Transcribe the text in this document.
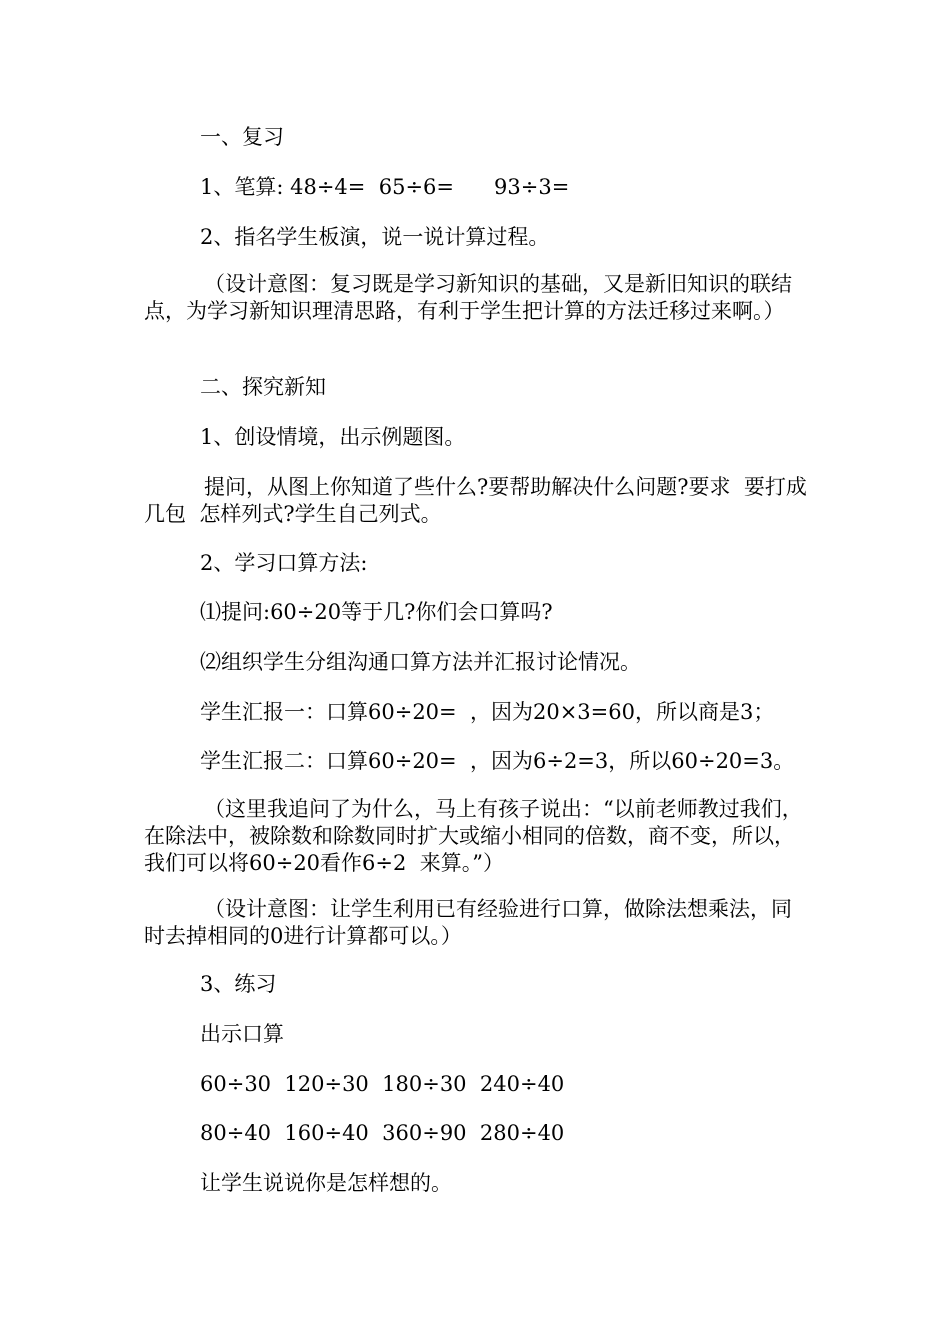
一、复习

1、笔算: 48÷4=  65÷6=      93÷3=

2、指名学生板演，说一说计算过程。

（设计意图：复习既是学习新知识的基础，又是新旧知识的联结点，为学习新知识理清思路，有利于学生把计算的方法迁移过来啊。）

二、探究新知

1、创设情境，出示例题图。

提问，从图上你知道了些什么?要帮助解决什么问题?要求  要打成几包  怎样列式?学生自己列式。

2、学习口算方法:

⑴提问:60÷20等于几?你们会口算吗?

⑵组织学生分组沟通口算方法并汇报讨论情况。

学生汇报一：口算60÷20=  ，因为20×3=60，所以商是3；

学生汇报二：口算60÷20=  ，因为6÷2=3，所以60÷20=3。

（这里我追问了为什么，马上有孩子说出：“以前老师教过我们，在除法中，被除数和除数同时扩大或缩小相同的倍数，商不变，所以，我们可以将60÷20看作6÷2  来算。”）

（设计意图：让学生利用已有经验进行口算，做除法想乘法，同时去掉相同的0进行计算都可以。）

3、练习

出示口算

60÷30  120÷30  180÷30  240÷40

80÷40  160÷40  360÷90  280÷40

让学生说说你是怎样想的。
